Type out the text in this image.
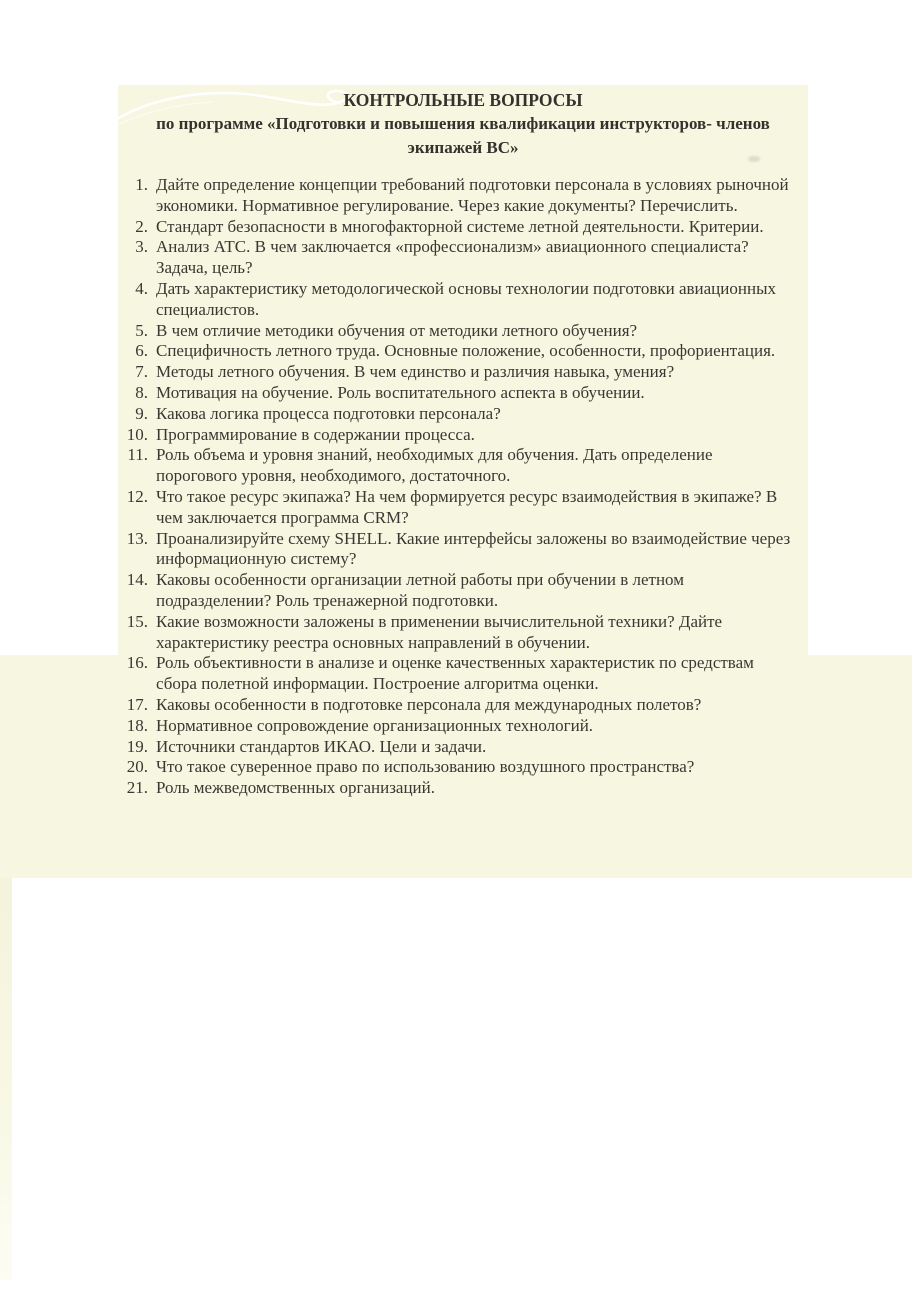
КОНТРОЛЬНЫЕ ВОПРОСЫ
по программе «Подготовки и повышения квалификации инструкторов- членов экипажей ВС»
1. Дайте определение концепции требований подготовки персонала в условиях рыночной экономики. Нормативное регулирование. Через какие документы? Перечислить.
2. Стандарт безопасности в многофакторной системе летной деятельности. Критерии.
3. Анализ АТС. В чем заключается «профессионализм» авиационного специалиста? Задача, цель?
4. Дать характеристику методологической основы технологии подготовки авиационных специалистов.
5. В чем отличие методики обучения от методики летного обучения?
6. Специфичность летного труда. Основные положение, особенности, профориентация.
7. Методы летного обучения. В чем единство и различия навыка, умения?
8. Мотивация на обучение. Роль воспитательного аспекта в обучении.
9. Какова логика процесса подготовки персонала?
10. Программирование в содержании процесса.
11. Роль объема и уровня знаний, необходимых для обучения. Дать определение порогового уровня, необходимого, достаточного.
12. Что такое ресурс экипажа? На чем формируется ресурс взаимодействия в экипаже? В чем заключается программа CRM?
13. Проанализируйте схему SHELL. Какие интерфейсы заложены во взаимодействие через информационную систему?
14. Каковы особенности организации летной работы при обучении в летном подразделении? Роль тренажерной подготовки.
15. Какие возможности заложены в применении вычислительной техники? Дайте характеристику реестра основных направлений в обучении.
16. Роль объективности в анализе и оценке качественных характеристик по средствам сбора полетной информации. Построение алгоритма оценки.
17. Каковы особенности в подготовке персонала для международных полетов?
18. Нормативное сопровождение организационных технологий.
19. Источники стандартов ИКАО. Цели и задачи.
20. Что такое суверенное право по использованию воздушного пространства?
21. Роль межведомственных организаций.
